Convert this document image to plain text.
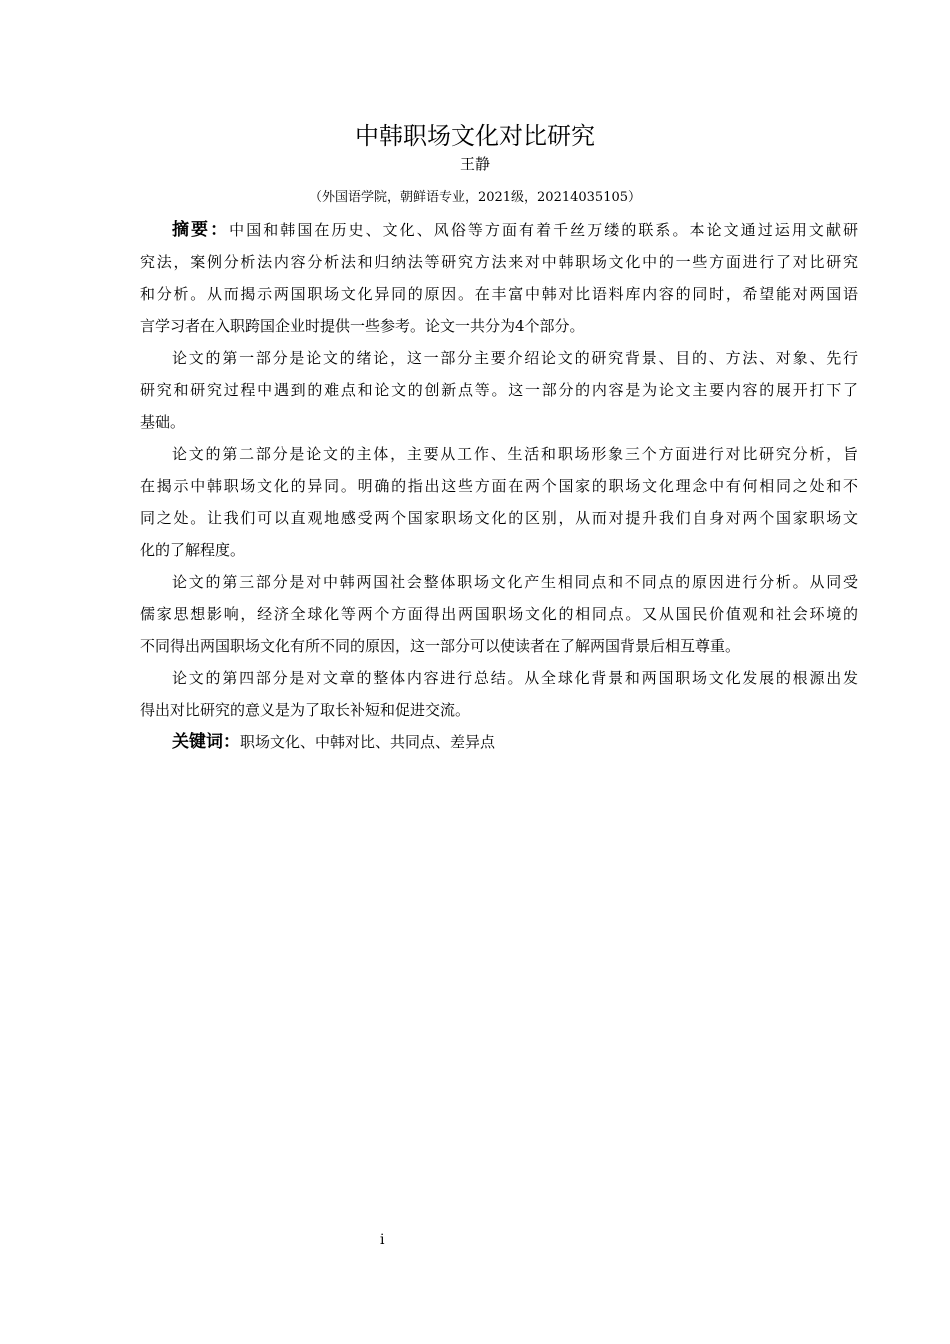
中韩职场文化对比研究
王静
（外国语学院，朝鲜语专业，2021级，20214035105）
摘要：中国和韩国在历史、文化、风俗等方面有着千丝万缕的联系。本论文通过运用文献研
究法，案例分析法内容分析法和归纳法等研究方法来对中韩职场文化中的一些方面进行了对比研究
和分析。从而揭示两国职场文化异同的原因。在丰富中韩对比语料库内容的同时，希望能对两国语
言学习者在入职跨国企业时提供一些参考。论文一共分为4个部分。
论文的第一部分是论文的绪论，这一部分主要介绍论文的研究背景、目的、方法、对象、先行
研究和研究过程中遇到的难点和论文的创新点等。这一部分的内容是为论文主要内容的展开打下了
基础。
论文的第二部分是论文的主体，主要从工作、生活和职场形象三个方面进行对比研究分析，旨
在揭示中韩职场文化的异同。明确的指出这些方面在两个国家的职场文化理念中有何相同之处和不
同之处。让我们可以直观地感受两个国家职场文化的区别，从而对提升我们自身对两个国家职场文
化的了解程度。
论文的第三部分是对中韩两国社会整体职场文化产生相同点和不同点的原因进行分析。从同受
儒家思想影响，经济全球化等两个方面得出两国职场文化的相同点。又从国民价值观和社会环境的
不同得出两国职场文化有所不同的原因，这一部分可以使读者在了解两国背景后相互尊重。
论文的第四部分是对文章的整体内容进行总结。从全球化背景和两国职场文化发展的根源出发
得出对比研究的意义是为了取长补短和促进交流。
关键词：职场文化、中韩对比、共同点、差异点
i
